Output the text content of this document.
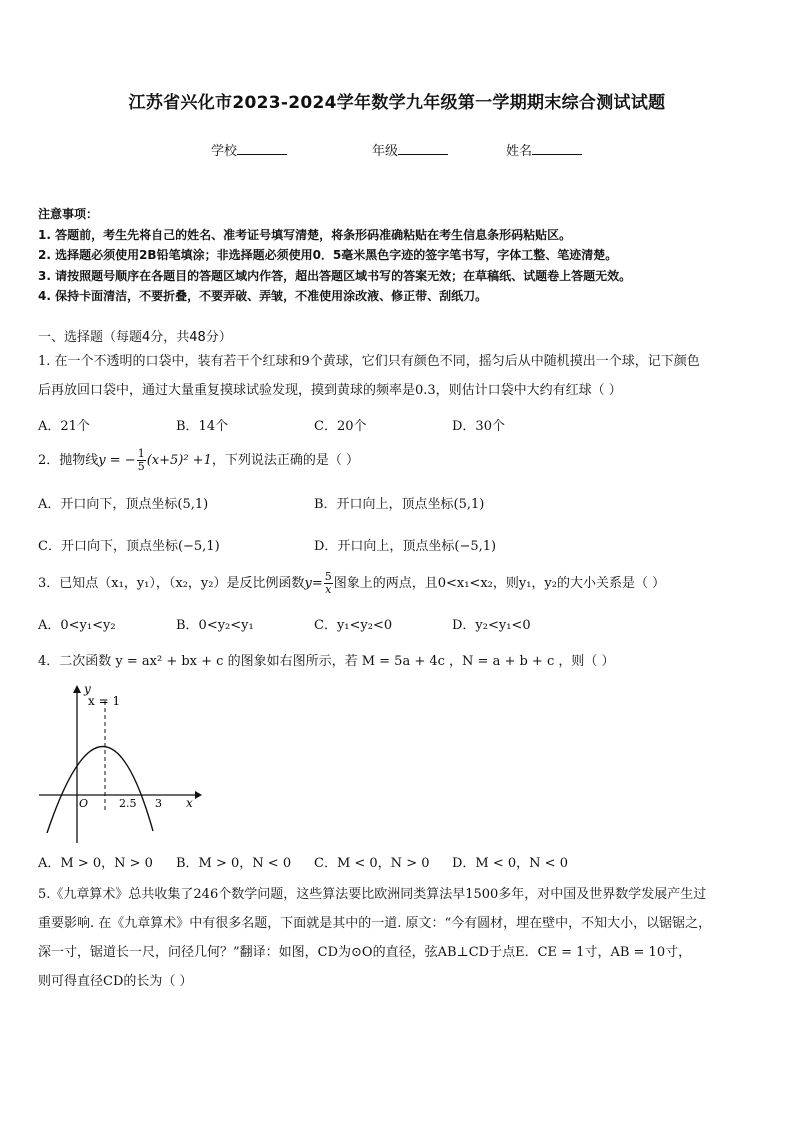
江苏省兴化市2023-2024学年数学九年级第一学期期末综合测试试题
学校	年级	姓名
注意事项：
1. 答题前，考生先将自己的姓名、准考证号填写清楚，将条形码准确粘贴在考生信息条形码粘贴区。
2. 选择题必须使用2B铅笔填涂；非选择题必须使用0．5毫米黑色字迹的签字笔书写，字体工整、笔迹清楚。
3. 请按照题号顺序在各题目的答题区域内作答，超出答题区域书写的答案无效；在草稿纸、试题卷上答题无效。
4. 保持卡面清洁，不要折叠，不要弄破、弄皱，不准使用涂改液、修正带、刮纸刀。
一、选择题（每题4分，共48分）
1. 在一个不透明的口袋中，装有若干个红球和9个黄球，它们只有颜色不同，摇匀后从中随机摸出一个球，记下颜色
后再放回口袋中，通过大量重复摸球试验发现，摸到黄球的频率是0.3，则估计口袋中大约有红球（ ）
A．21个	B．14个	C．20个	D．30个
2．抛物线y = − $\frac{1}{5} (x+5)^2 +1$，下列说法正确的是（ ）
A．开口向下，顶点坐标(5,1)	B．开口向上，顶点坐标(5,1)
C．开口向下，顶点坐标(−5,1)	D．开口向上，顶点坐标(−5,1)
3．已知点（x₁，y₁），（x₂，y₂）是反比例函数$y= \frac{5}{x}$ 图象上的两点，且0<x₁<x₂，则y₁，y₂的大小关系是（ ）
A．0<y₁<y₂	B．0<y₂<y₁	C．y₁<y₂<0	D．y₂<y₁<0
4．二次函数 y = ax² + bx + c 的图象如右图所示，若 M = 5a + 4c ，N = a + b + c ，则（ ）
y
x = 1
O	2.5 3 x
A．M > 0，N > 0 B．M > 0，N < 0 C．M < 0，N > 0 D．M < 0，N < 0
5.《九章算术》总共收集了246个数学问题，这些算法要比欧洲同类算法早1500多年，对中国及世界数学发展产生过
重要影响. 在《九章算术》中有很多名题，下面就是其中的一道. 原文：“今有圆材，埋在壁中，不知大小，以锯锯之，
深一寸，锯道长一尺，问径几何？”翻译：如图，CD为⊙O的直径，弦AB⊥CD于点E．CE = 1寸，AB = 10寸，
则可得直径CD的长为（ ）
